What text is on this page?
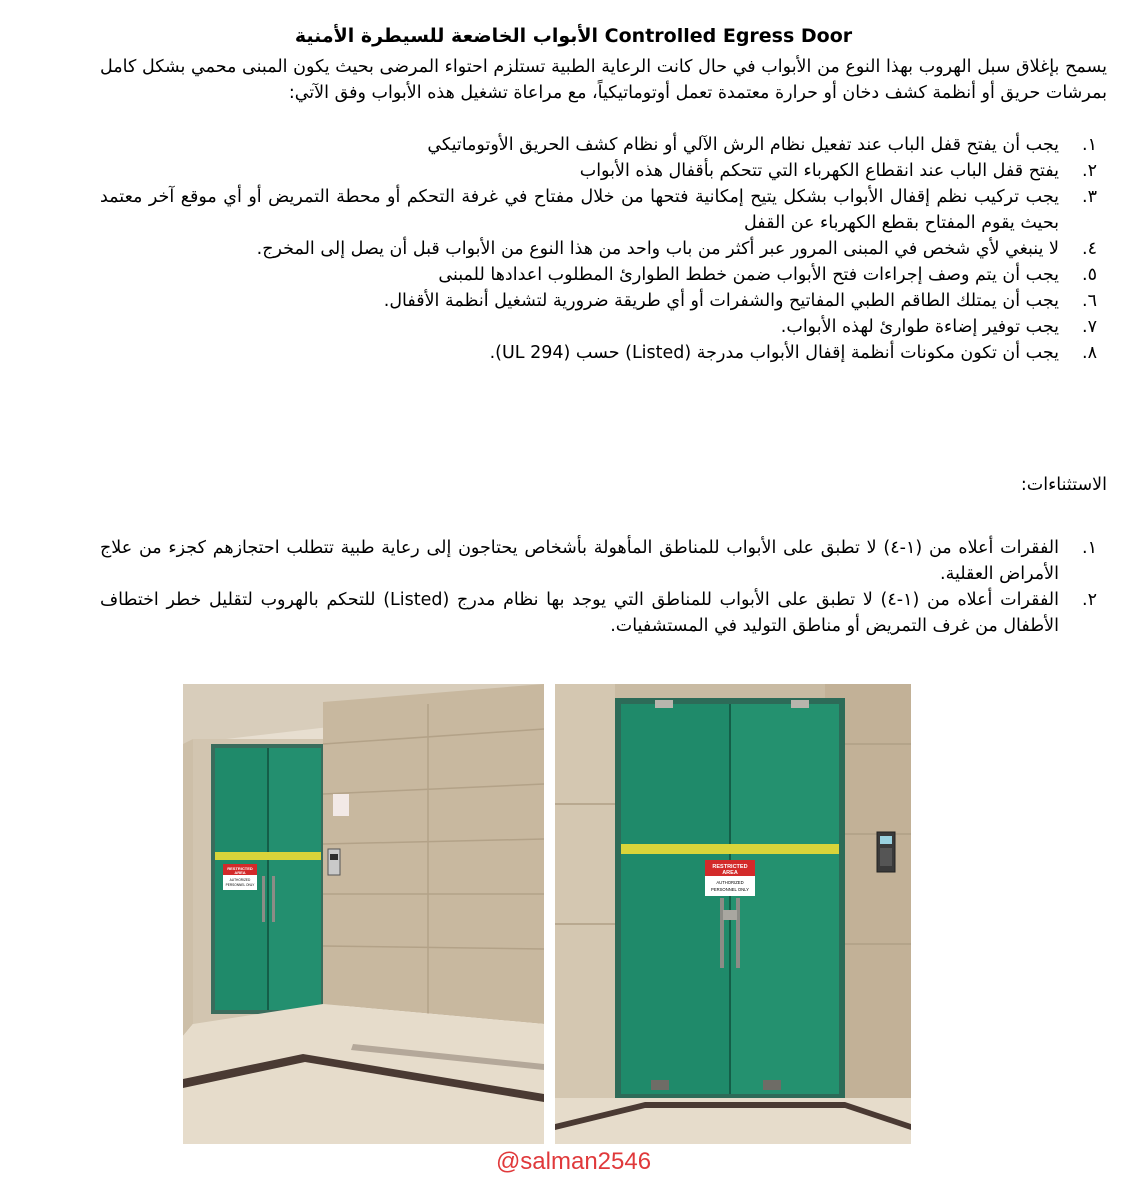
الأبواب الخاضعة للسيطرة الأمنية Controlled Egress Door

يسمح بإغلاق سبل الهروب بهذا النوع من الأبواب في حال كانت الرعاية الطبية تستلزم احتواء المرضى بحيث يكون المبنى محمي بشكل كامل بمرشات حريق أو أنظمة كشف دخان أو حرارة معتمدة تعمل أوتوماتيكياً، مع مراعاة تشغيل هذه الأبواب وفق الآتي:

١.
يجب أن يفتح قفل الباب عند تفعيل نظام الرش الآلي أو نظام كشف الحريق الأوتوماتيكي
٢.
يفتح قفل الباب عند انقطاع الكهرباء التي تتحكم بأقفال هذه الأبواب
٣.
يجب تركيب نظم إقفال الأبواب بشكل يتيح إمكانية فتحها من خلال مفتاح في غرفة التحكم أو محطة التمريض أو أي موقع آخر معتمد بحيث يقوم المفتاح بقطع الكهرباء عن القفل
٤.
لا ينبغي لأي شخص في المبنى المرور عبر أكثر من باب واحد من هذا النوع من الأبواب قبل أن يصل إلى المخرج.
٥.
يجب أن يتم وصف إجراءات فتح الأبواب ضمن خطط الطوارئ المطلوب اعدادها للمبنى
٦.
يجب أن يمتلك الطاقم الطبي المفاتيح والشفرات أو أي طريقة ضرورية لتشغيل أنظمة الأقفال.
٧.
يجب توفير إضاءة طوارئ لهذه الأبواب.
٨.
يجب أن تكون مكونات أنظمة إقفال الأبواب مدرجة (Listed) حسب (UL 294).
الاستثناءات:
١.
الفقرات أعلاه من (١-٤) لا تطبق على الأبواب للمناطق المأهولة بأشخاص يحتاجون إلى رعاية طبية تتطلب احتجازهم كجزء من علاج الأمراض العقلية.
٢.
الفقرات أعلاه من (١-٤) لا تطبق على الأبواب للمناطق التي يوجد بها نظام مدرج (Listed) للتحكم بالهروب لتقليل خطر اختطاف الأطفال من غرف التمريض أو مناطق التوليد في المستشفيات.
RESTRICTED
AREA
AUTHORIZED
PERSONNEL ONLY
RESTRICTED
AREA
AUTHORIZED
PERSONNEL ONLY
@salman2546
